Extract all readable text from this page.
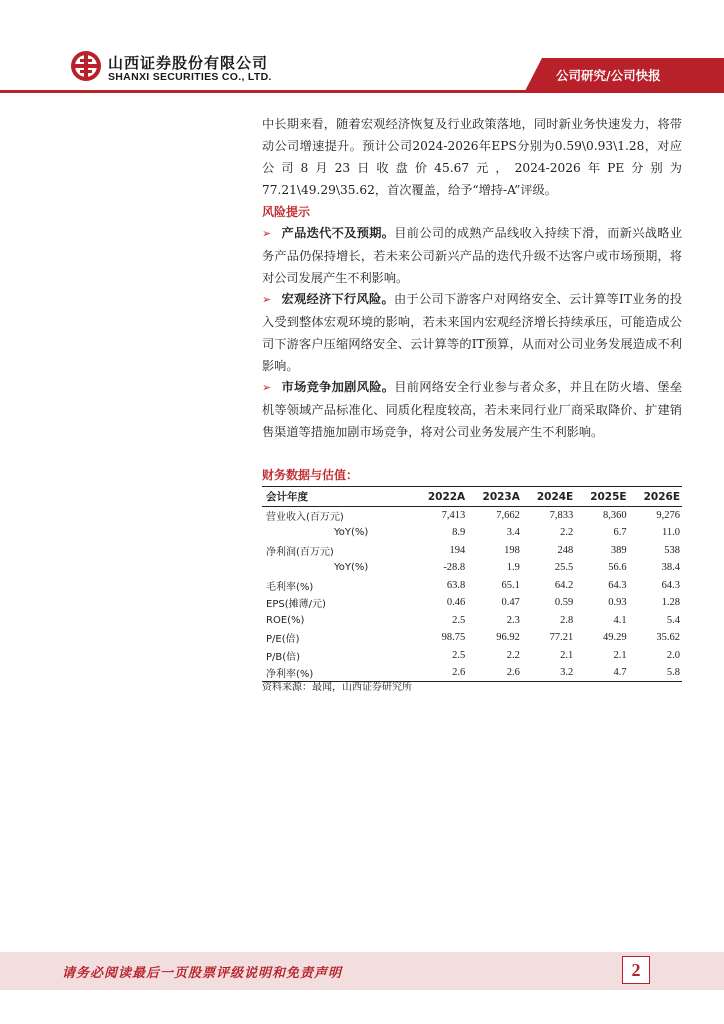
山西证券股份有限公司
SHANXI SECURITIES CO., LTD.	公司研究/公司快报

中长期来看，随着宏观经济恢复及行业政策落地，同时新业务快速发力，将带动公司增速提升。预计公司2024-2026年EPS分别为0.59\0.93\1.28，对应公司8月23日收盘价45.67元，2024-2026年PE分别为77.21\49.29\35.62，首次覆盖，给予“增持-A”评级。

风险提示

➢ 产品迭代不及预期。目前公司的成熟产品线收入持续下滑，而新兴战略业务产品仍保持增长，若未来公司新兴产品的迭代升级不达客户或市场预期，将对公司发展产生不利影响。

➢ 宏观经济下行风险。由于公司下游客户对网络安全、云计算等IT业务的投入受到整体宏观环境的影响，若未来国内宏观经济增长持续承压，可能造成公司下游客户压缩网络安全、云计算等的IT预算，从而对公司业务发展造成不利影响。

➢ 市场竞争加剧风险。目前网络安全行业参与者众多，并且在防火墙、堡垒机等领域产品标准化、同质化程度较高，若未来同行业厂商采取降价、扩建销售渠道等措施加剧市场竞争，将对公司业务发展产生不利影响。

财务数据与估值：
会计年度	2022A	2023A	2024E	2025E	2026E
营业收入(百万元)	7,413	7,662	7,833	8,360	9,276
YoY(%)	8.9	3.4	2.2	6.7	11.0
净利润(百万元)	194	198	248	389	538
YoY(%)	-28.8	1.9	25.5	56.6	38.4
毛利率(%)	63.8	65.1	64.2	64.3	64.3
EPS(摊薄/元)	0.46	0.47	0.59	0.93	1.28
ROE(%)	2.5	2.3	2.8	4.1	5.4
P/E(倍)	98.75	96.92	77.21	49.29	35.62
P/B(倍)	2.5	2.2	2.1	2.1	2.0
净利率(%)	2.6	2.6	3.2	4.7	5.8
资料来源：最闻，山西证券研究所
请务必阅读最后一页股票评级说明和免责声明	2
